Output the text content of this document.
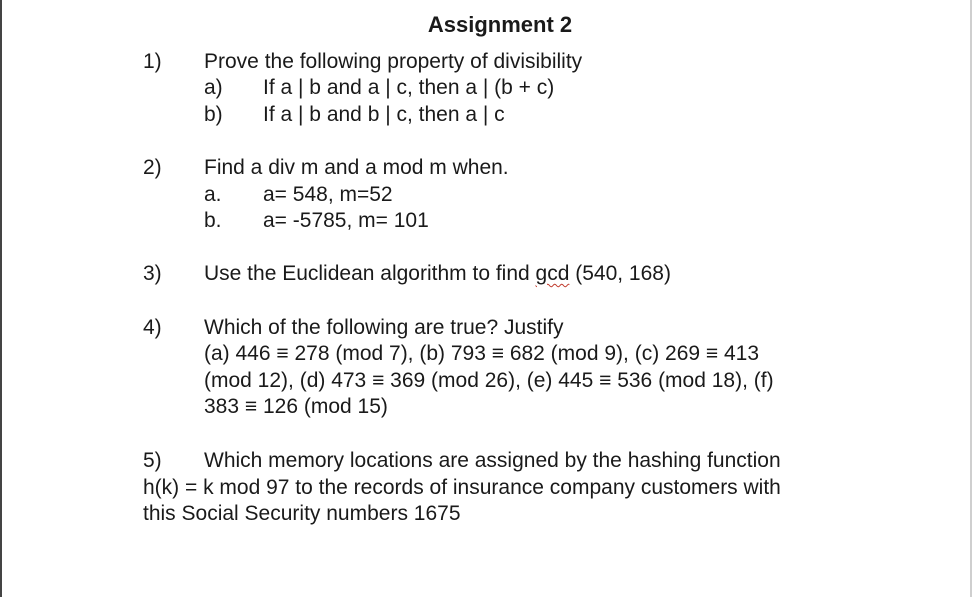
Assignment 2
1) Prove the following property of divisibility
a) If a | b and a | c, then a | (b + c)
b) If a | b and b | c, then a | c
2) Find a div m and a mod m when.
a. a= 548, m=52
b. a= -5785, m= 101
3) Use the Euclidean algorithm to find gcd (540, 168)
4) Which of the following are true? Justify
(a) 446 ≡ 278 (mod 7), (b) 793 ≡ 682 (mod 9), (c) 269 ≡ 413
(mod 12), (d) 473 ≡ 369 (mod 26), (e) 445 ≡ 536 (mod 18), (f)
383 ≡ 126 (mod 15)
5) Which memory locations are assigned by the hashing function
h(k) = k mod 97 to the records of insurance company customers with
this Social Security numbers 1675
